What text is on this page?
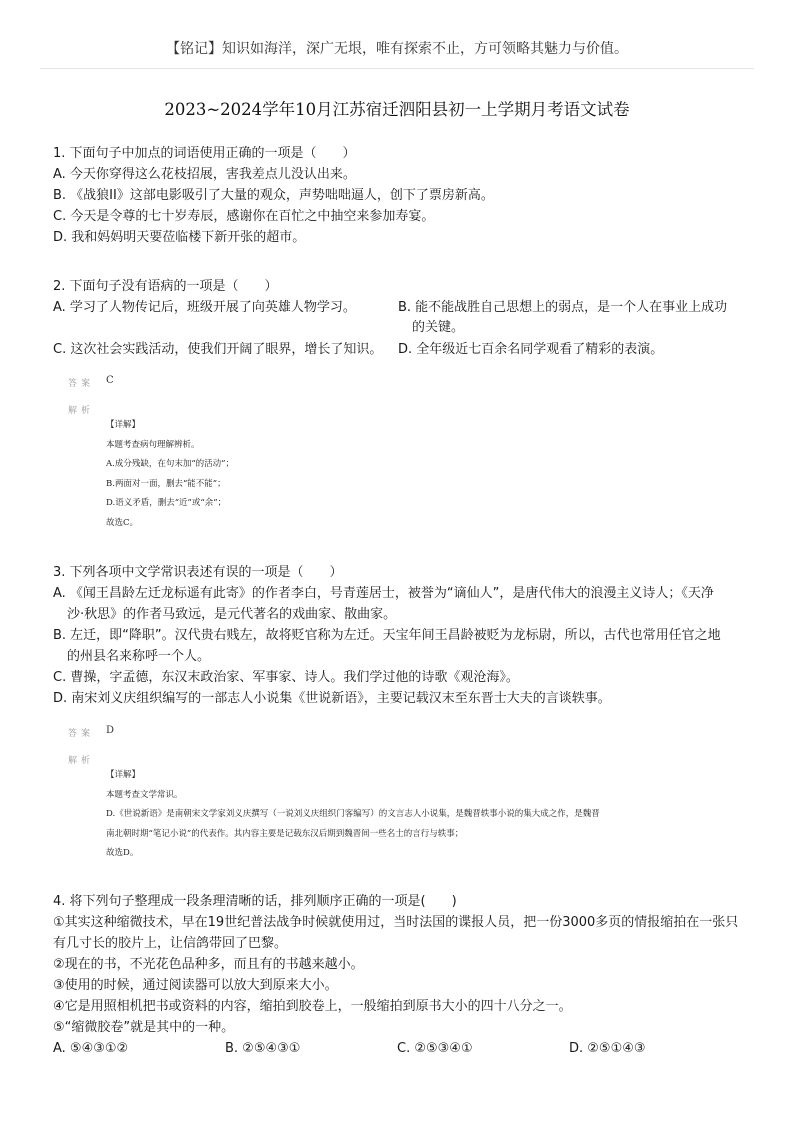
【铭记】知识如海洋，深广无垠，唯有探索不止，方可领略其魅力与价值。
2023~2024学年10月江苏宿迁泗阳县初一上学期月考语文试卷
1. 下面句子中加点的词语使用正确的一项是（　　）
A. 今天你穿得这么花枝招展，害我差点儿没认出来。
B. 《战狼II》这部电影吸引了大量的观众，声势咄咄逼人，创下了票房新高。
C. 今天是令尊的七十岁寿辰，感谢你在百忙之中抽空来参加寿宴。
D. 我和妈妈明天要莅临楼下新开张的超市。
2. 下面句子没有语病的一项是（　　）
A. 学习了人物传记后，班级开展了向英雄人物学习。	B. 能不能战胜自己思想上的弱点，是一个人在事业上成功
的关键。
C. 这次社会实践活动，使我们开阔了眼界，增长了知识。 D. 全年级近七百余名同学观看了精彩的表演。
答案 C
解析
【详解】
本题考查病句理解辨析。
A.成分残缺，在句末加“的活动”；
B.两面对一面，删去“能不能”；
D.语义矛盾，删去“近”或“余”；
故选C。
3. 下列各项中文学常识表述有误的一项是（　　）
A. 《闻王昌龄左迁龙标遥有此寄》的作者李白，号青莲居士，被誉为“谪仙人”，是唐代伟大的浪漫主义诗人；《天净
沙·秋思》的作者马致远，是元代著名的戏曲家、散曲家。
B. 左迁，即“降职”。汉代贵右贱左，故将贬官称为左迁。天宝年间王昌龄被贬为龙标尉，所以，古代也常用任官之地
的州县名来称呼一个人。
C. 曹操，字孟德，东汉末政治家、军事家、诗人。我们学过他的诗歌《观沧海》。
D. 南宋刘义庆组织编写的一部志人小说集《世说新语》，主要记载汉末至东晋士大夫的言谈轶事。
答案 D
解析
【详解】
本题考查文学常识。
D.《世说新语》是南朝宋文学家刘义庆撰写（一说刘义庆组织门客编写）的文言志人小说集，是魏晋轶事小说的集大成之作，是魏晋
南北朝时期“笔记小说”的代表作。其内容主要是记载东汉后期到魏晋间一些名士的言行与轶事；
故选D。
4. 将下列句子整理成一段条理清晰的话，排列顺序正确的一项是(　　)
①其实这种缩微技术，早在19世纪普法战争时候就使用过，当时法国的谍报人员，把一份3000多页的情报缩拍在一张只
有几寸长的胶片上，让信鸽带回了巴黎。
②现在的书，不光花色品种多，而且有的书越来越小。
③使用的时候，通过阅读器可以放大到原来大小。
④它是用照相机把书或资料的内容，缩拍到胶卷上，一般缩拍到原书大小的四十八分之一。
⑤“缩微胶卷”就是其中的一种。
A. ⑤④③①②	B. ②⑤④③①	C. ②⑤③④①	D. ②⑤①④③
